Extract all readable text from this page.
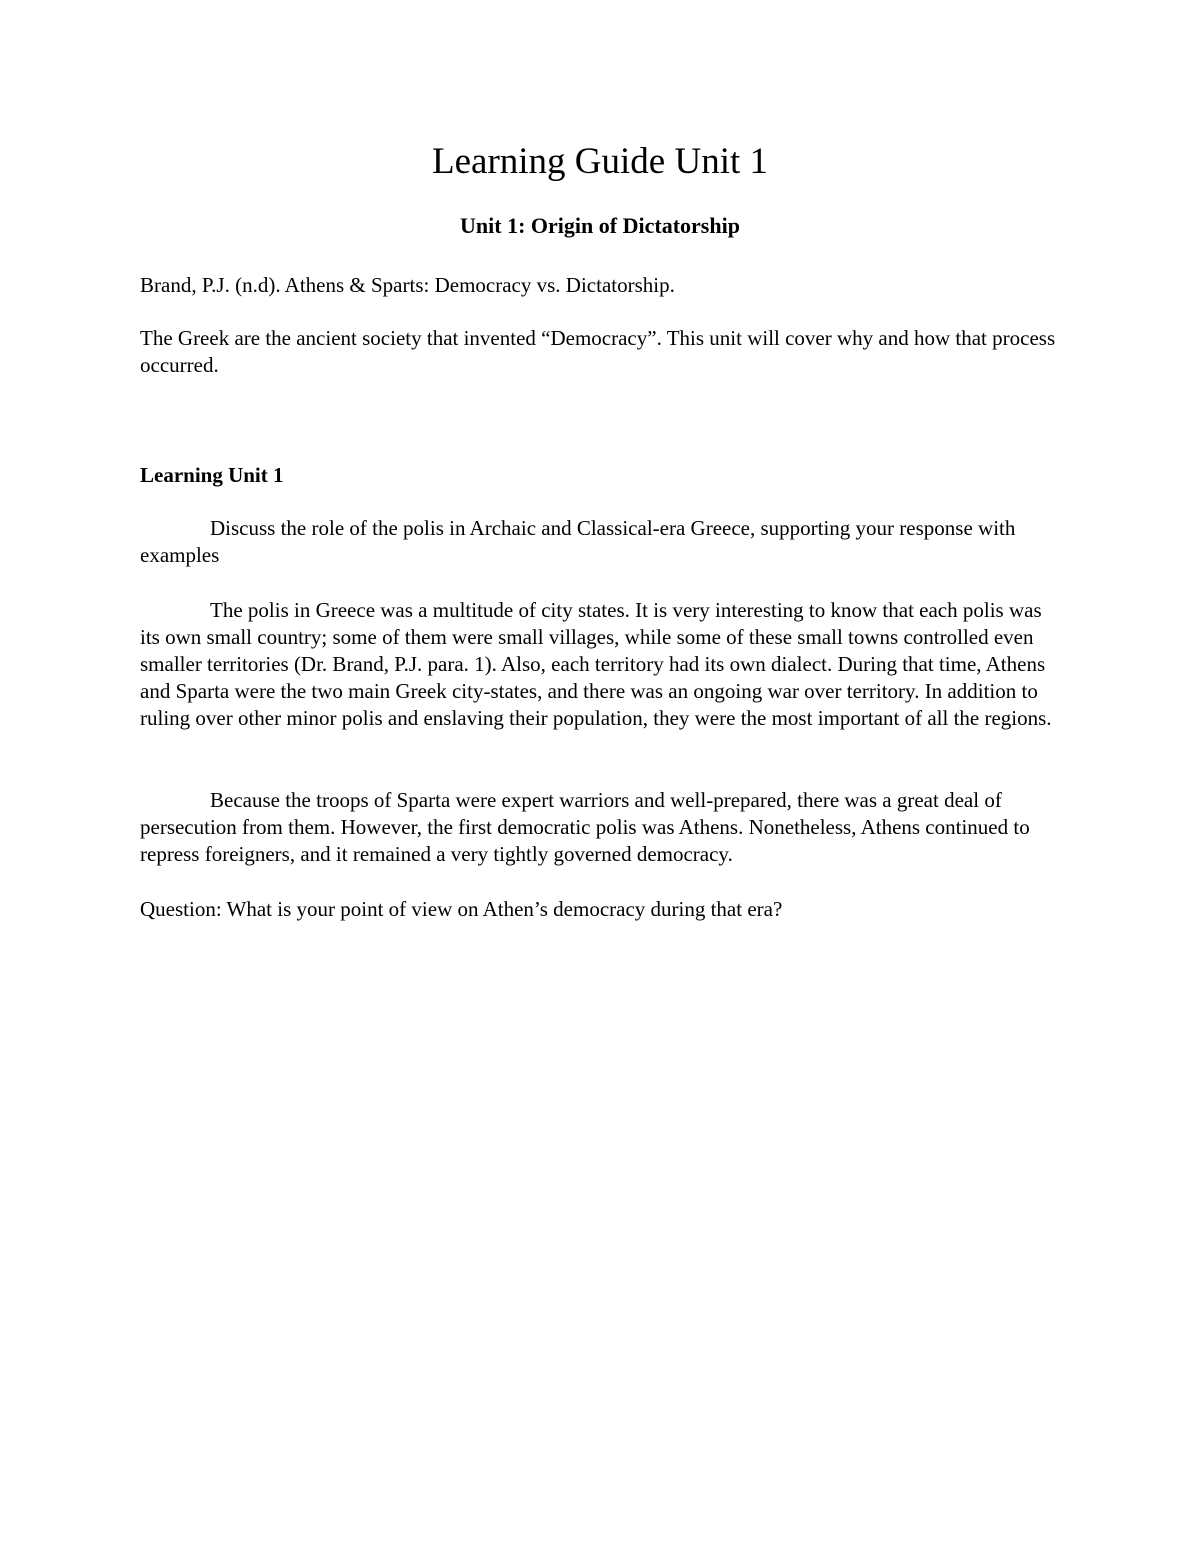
Learning Guide Unit 1
Unit 1: Origin of Dictatorship

Brand, P.J. (n.d). Athens & Sparts: Democracy vs. Dictatorship.

The Greek are the ancient society that invented “Democracy”. This unit will cover why and how that process occurred.

Learning Unit 1

Discuss the role of the polis in Archaic and Classical-era Greece, supporting your response with examples

The polis in Greece was a multitude of city states. It is very interesting to know that each polis was its own small country; some of them were small villages, while some of these small towns controlled even smaller territories (Dr. Brand, P.J. para. 1). Also, each territory had its own dialect. During that time, Athens and Sparta were the two main Greek city-states, and there was an ongoing war over territory. In addition to ruling over other minor polis and enslaving their population, they were the most important of all the regions.

Because the troops of Sparta were expert warriors and well-prepared, there was a great deal of persecution from them. However, the first democratic polis was Athens. Nonetheless, Athens continued to repress foreigners, and it remained a very tightly governed democracy.

Question: What is your point of view on Athen’s democracy during that era?
